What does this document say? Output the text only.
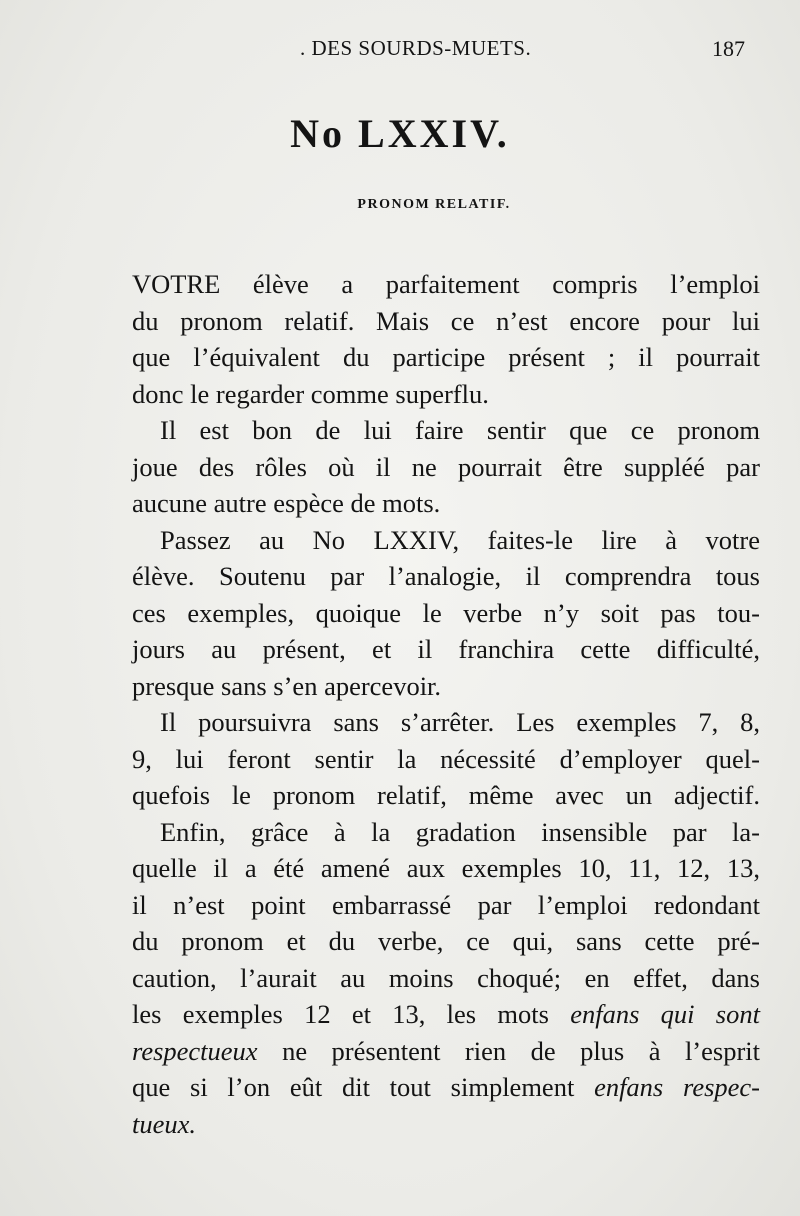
. DES SOURDS-MUETS.	187
No LXXIV.
PRONOM RELATIF.

VOTRE élève a parfaitement compris l’emploi
du pronom relatif. Mais ce n’est encore pour lui
que l’équivalent du participe présent ; il pourrait
donc le regarder comme superflu.

Il est bon de lui faire sentir que ce pronom
joue des rôles où il ne pourrait être suppléé par
aucune autre espèce de mots.

Passez au No LXXIV, faites-le lire à votre
élève. Soutenu par l’analogie, il comprendra tous
ces exemples, quoique le verbe n’y soit pas tou-
jours au présent, et il franchira cette difficulté,
presque sans s’en apercevoir.

Il poursuivra sans s’arrêter. Les exemples 7, 8,
9, lui feront sentir la nécessité d’employer quel-
quefois le pronom relatif, même avec un adjectif.

Enfin, grâce à la gradation insensible par la-
quelle il a été amené aux exemples 10, 11, 12, 13,
il n’est point embarrassé par l’emploi redondant
du pronom et du verbe, ce qui, sans cette pré-
caution, l’aurait au moins choqué; en effet, dans
les exemples 12 et 13, les mots enfans qui sont
respectueux ne présentent rien de plus à l’esprit
que si l’on eût dit tout simplement enfans respec-
tueux.
